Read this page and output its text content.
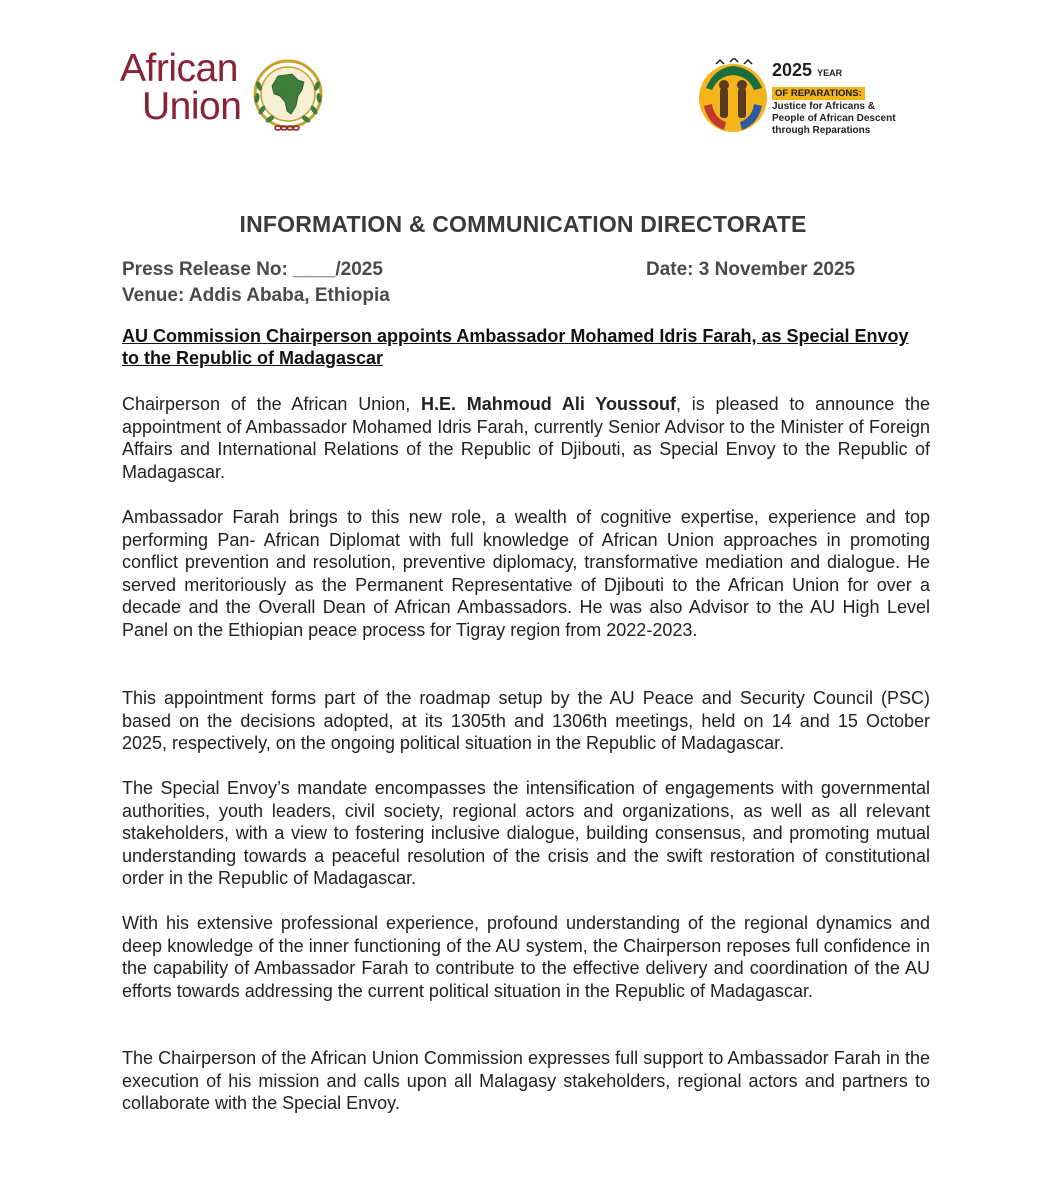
African
Union
2025 YEAR
OF REPARATIONS:
Justice for Africans &
People of African Descent
through Reparations
INFORMATION & COMMUNICATION DIRECTORATE
Press Release No: ____/2025	Date: 3 November 2025
Venue: Addis Ababa, Ethiopia
AU Commission Chairperson appoints Ambassador Mohamed Idris Farah, as Special Envoy to the Republic of Madagascar

Chairperson of the African Union, H.E. Mahmoud Ali Youssouf, is pleased to announce the appointment of Ambassador Mohamed Idris Farah, currently Senior Advisor to the Minister of Foreign Affairs and International Relations of the Republic of Djibouti, as Special Envoy to the Republic of Madagascar.

Ambassador Farah brings to this new role, a wealth of cognitive expertise, experience and top performing Pan- African Diplomat with full knowledge of African Union approaches in promoting conflict prevention and resolution, preventive diplomacy, transformative mediation and dialogue. He served meritoriously as the Permanent Representative of Djibouti to the African Union for over a decade and the Overall Dean of African Ambassadors. He was also Advisor to the AU High Level Panel on the Ethiopian peace process for Tigray region from 2022-2023.

This appointment forms part of the roadmap setup by the AU Peace and Security Council (PSC) based on the decisions adopted, at its 1305th and 1306th meetings, held on 14 and 15 October 2025, respectively, on the ongoing political situation in the Republic of Madagascar.

The Special Envoy’s mandate encompasses the intensification of engagements with governmental authorities, youth leaders, civil society, regional actors and organizations, as well as all relevant stakeholders, with a view to fostering inclusive dialogue, building consensus, and promoting mutual understanding towards a peaceful resolution of the crisis and the swift restoration of constitutional order in the Republic of Madagascar.

With his extensive professional experience, profound understanding of the regional dynamics and deep knowledge of the inner functioning of the AU system, the Chairperson reposes full confidence in the capability of Ambassador Farah to contribute to the effective delivery and coordination of the AU efforts towards addressing the current political situation in the Republic of Madagascar.

The Chairperson of the African Union Commission expresses full support to Ambassador Farah in the execution of his mission and calls upon all Malagasy stakeholders, regional actors and partners to collaborate with the Special Envoy.
